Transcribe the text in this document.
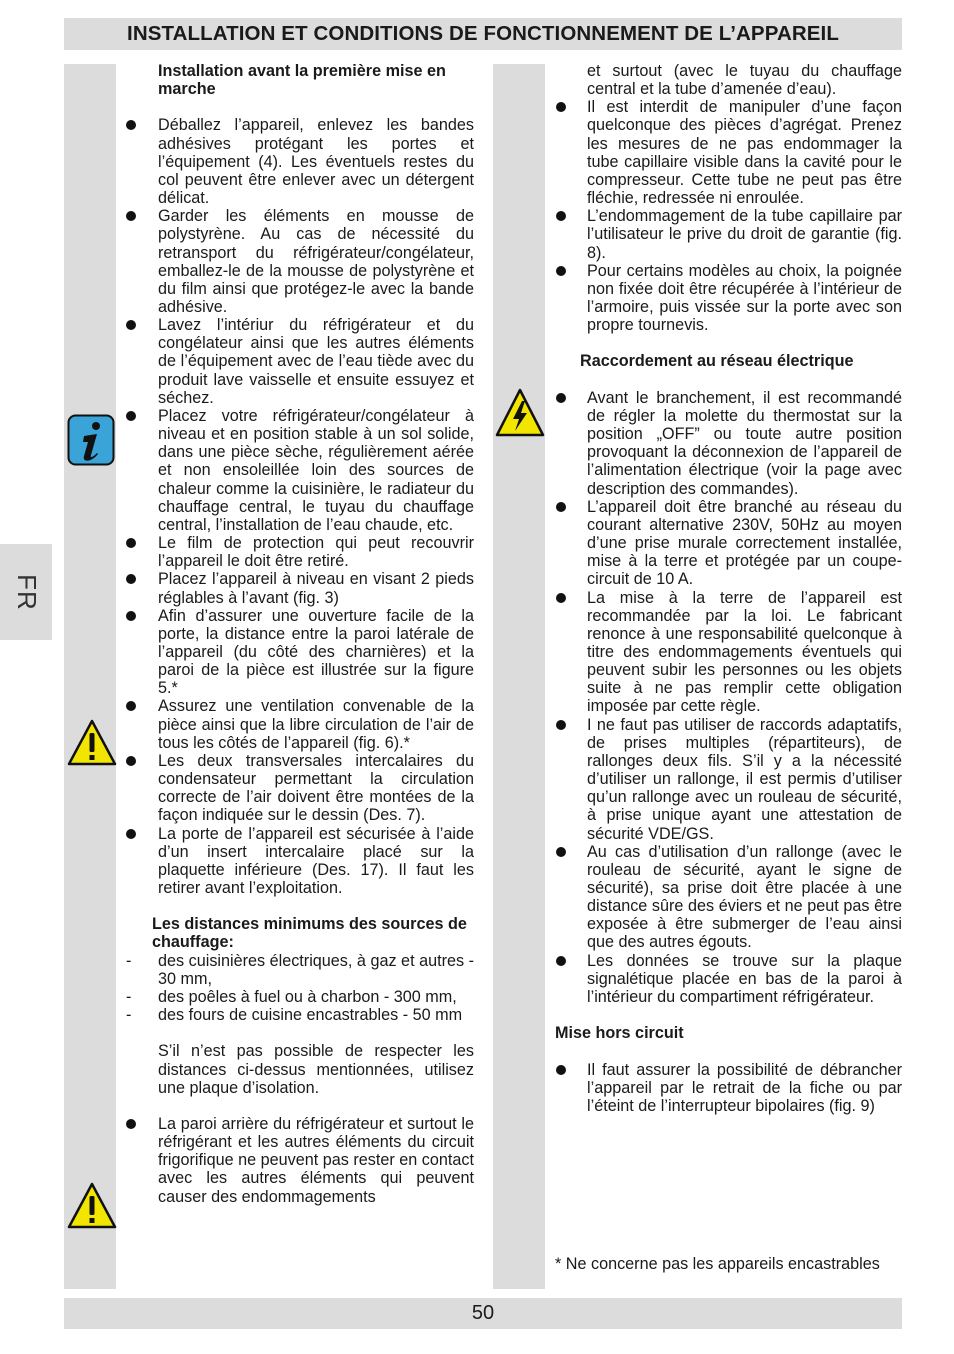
INSTALLATION ET CONDITIONS DE FONCTIONNEMENT DE L’APPAREIL
FR

Installation avant la première mise en marche

Déballez l’appareil, enlevez les bandes adhésives protégant les portes et l’équipement (4). Les éventuels restes du col peuvent être enlever avec un détergent délicat.

Garder les éléments en mousse de polystyrène. Au cas de nécessité du retransport du réfrigérateur/congélateur, emballez-le de la mousse de polystyrène et du film ainsi que protégez-le avec la bande adhésive.

Lavez l’intériur du réfrigérateur et du congélateur ainsi que les autres éléments de l’équipement avec de l’eau tiède avec du produit lave vaisselle et ensuite essuyez et séchez.

Placez votre réfrigérateur/congélateur à niveau et en position stable à un sol solide, dans une pièce sèche, régulièrement aérée et non ensoleillée loin des sources de chaleur comme la cuisinière, le radiateur du chauffage central, le tuyau du chauffage central, l’installation de l’eau chaude, etc.

Le film de protection qui peut recouvrir l’appareil le doit être retiré.

Placez l’appareil à niveau en visant 2 pieds réglables à l’avant (fig. 3)

Afin d’assurer une ouverture facile de la porte, la distance entre la paroi latérale de l’appareil (du côté des charnières) et la paroi de la pièce est illustrée sur la figure 5.*

Assurez une ventilation convenable de la pièce ainsi que la libre circulation de l’air de tous les côtés de l’appareil (fig. 6).*

Les deux transversales intercalaires du condensateur permettant la circulation correcte de l’air doivent être montées de la façon indiquée sur le dessin (Des. 7).

La porte de l’appareil est sécurisée à l’aide d’un insert intercalaire placé sur la plaquette inférieure (Des. 17). Il faut les retirer avant l’exploitation.

Les distances minimums des sources de chauffage:

- des cuisinières électriques, à gaz et autres - 30 mm,

- des poêles à fuel ou à charbon - 300 mm,

- des fours de cuisine encastrables - 50 mm

S’il n’est pas possible de respecter les distances ci-dessus mentionnées, utilisez une plaque d’isolation.

La paroi arrière du réfrigérateur et surtout le réfrigérant et les autres éléments du circuit frigorifique ne peuvent pas rester en contact avec les autres éléments qui peuvent causer des endommagements

et surtout (avec le tuyau du chauffage central et la tube d’amenée d’eau).

Il est interdit de manipuler d’une façon quelconque des pièces d’agrégat. Prenez les mesures de ne pas endommager la tube capillaire visible dans la cavité pour le compresseur. Cette tube ne peut pas être fléchie, redressée ni enroulée.

L’endommagement de la tube capillaire par l’utilisateur le prive du droit de garantie (fig. 8).

Pour certains modèles au choix, la poignée non fixée doit être récupérée à l’intérieur de l’armoire, puis vissée sur la porte avec son propre tournevis.

Raccordement au réseau électrique

Avant le branchement, il est recommandé de régler la molette du thermostat sur la position „OFF” ou toute autre position provoquant la déconnexion de l’appareil de l’alimentation électrique (voir la page avec description des commandes).

L’appareil doit être branché au réseau du courant alternative 230V, 50Hz au moyen d’une prise murale correctement installée, mise à la terre et protégée par un coupe-circuit de 10 A.

La mise à la terre de l’appareil est recommandée par la loi. Le fabricant renonce à une responsabilité quelconque à titre des endommagements éventuels qui peuvent subir les personnes ou les objets suite à ne pas remplir cette obligation imposée par cette règle.

I ne faut pas utiliser de raccords adaptatifs, de prises multiples (répartiteurs), de rallonges deux fils. S’il y a la nécessité d’utiliser un rallonge, il est permis d’utiliser qu’un rallonge avec un rouleau de sécurité, à prise unique ayant une attestation de sécurité VDE/GS.

Au cas d’utilisation d’un rallonge (avec le rouleau de sécurité, ayant le signe de sécurité), sa prise doit être placée à une distance sûre des éviers et ne peut pas être exposée à être submerger de l’eau ainsi que des autres égouts.

Les données se trouve sur la plaque signalétique placée en bas de la paroi à l’intérieur du compartiment réfrigérateur.

Mise hors circuit

Il faut assurer la possibilité de débrancher l’appareil par le retrait de la fiche ou par l’éteint de l’interrupteur bipolaires (fig. 9)

* Ne concerne pas les appareils encastrables

50
